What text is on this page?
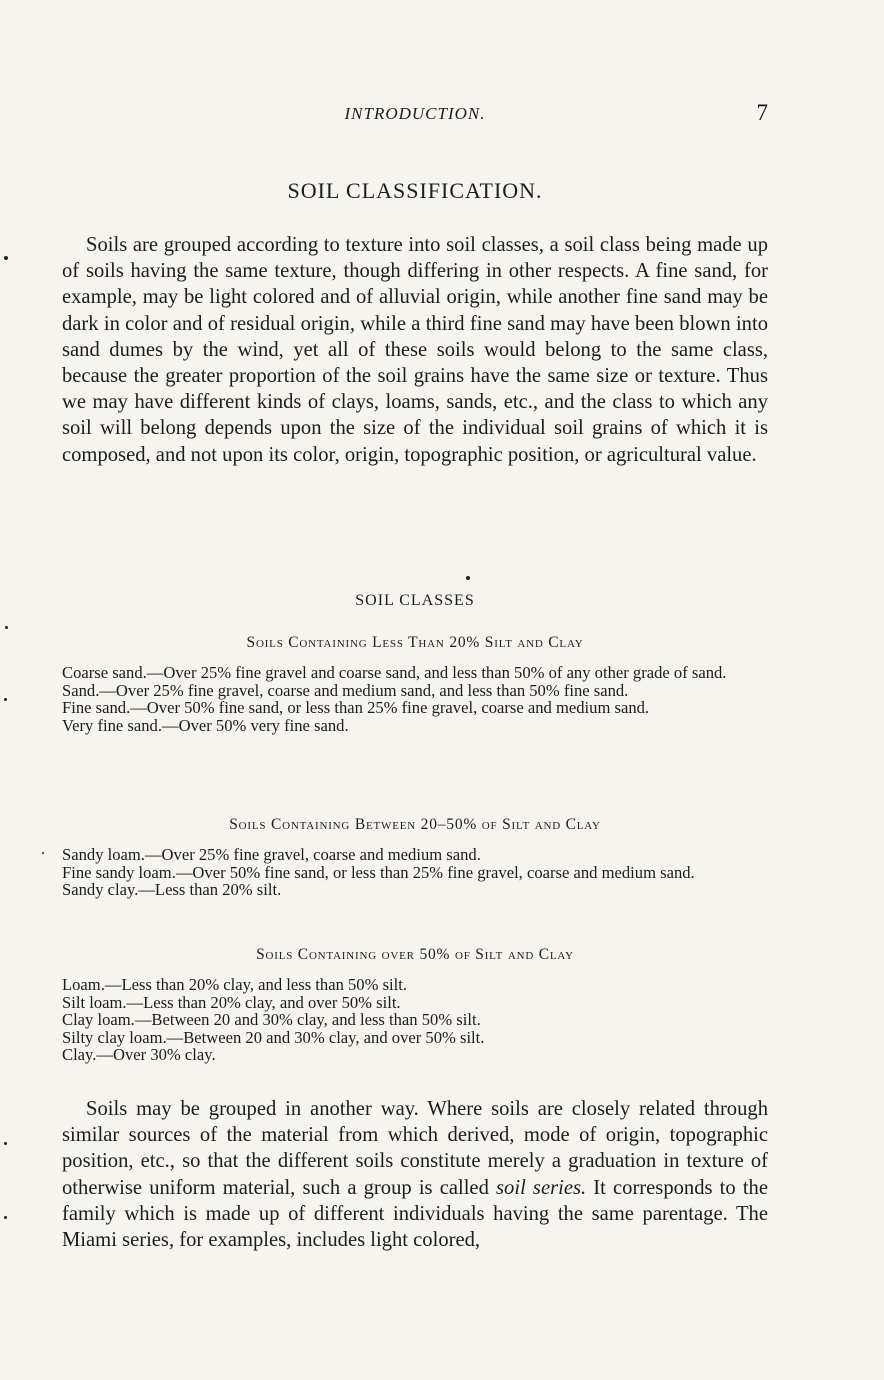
INTRODUCTION.	7
SOIL CLASSIFICATION.

Soils are grouped according to texture into soil classes, a soil class being made up of soils having the same texture, though differing in other respects. A fine sand, for example, may be light colored and of alluvial origin, while another fine sand may be dark in color and of residual origin, while a third fine sand may have been blown into sand dumes by the wind, yet all of these soils would belong to the same class, because the greater proportion of the soil grains have the same size or texture. Thus we may have different kinds of clays, loams, sands, etc., and the class to which any soil will belong depends upon the size of the individual soil grains of which it is composed, and not upon its color, origin, topographic position, or agricultural value.

SOIL CLASSES
Soils Containing Less Than 20% Silt and Clay
Coarse sand.—Over 25% fine gravel and coarse sand, and less than 50% of any other grade of sand.
Sand.—Over 25% fine gravel, coarse and medium sand, and less than 50% fine sand.
Fine sand.—Over 50% fine sand, or less than 25% fine gravel, coarse and medium sand.
Very fine sand.—Over 50% very fine sand.
Soils Containing Between 20–50% of Silt and Clay
Sandy loam.—Over 25% fine gravel, coarse and medium sand.
Fine sandy loam.—Over 50% fine sand, or less than 25% fine gravel, coarse and medium sand.
Sandy clay.—Less than 20% silt.
Soils Containing over 50% of Silt and Clay
Loam.—Less than 20% clay, and less than 50% silt.
Silt loam.—Less than 20% clay, and over 50% silt.
Clay loam.—Between 20 and 30% clay, and less than 50% silt.
Silty clay loam.—Between 20 and 30% clay, and over 50% silt.
Clay.—Over 30% clay.

Soils may be grouped in another way. Where soils are closely related through similar sources of the material from which derived, mode of origin, topographic position, etc., so that the different soils constitute merely a graduation in texture of otherwise uniform material, such a group is called soil series. It corresponds to the family which is made up of different individuals having the same parentage. The Miami series, for examples, includes light colored,
